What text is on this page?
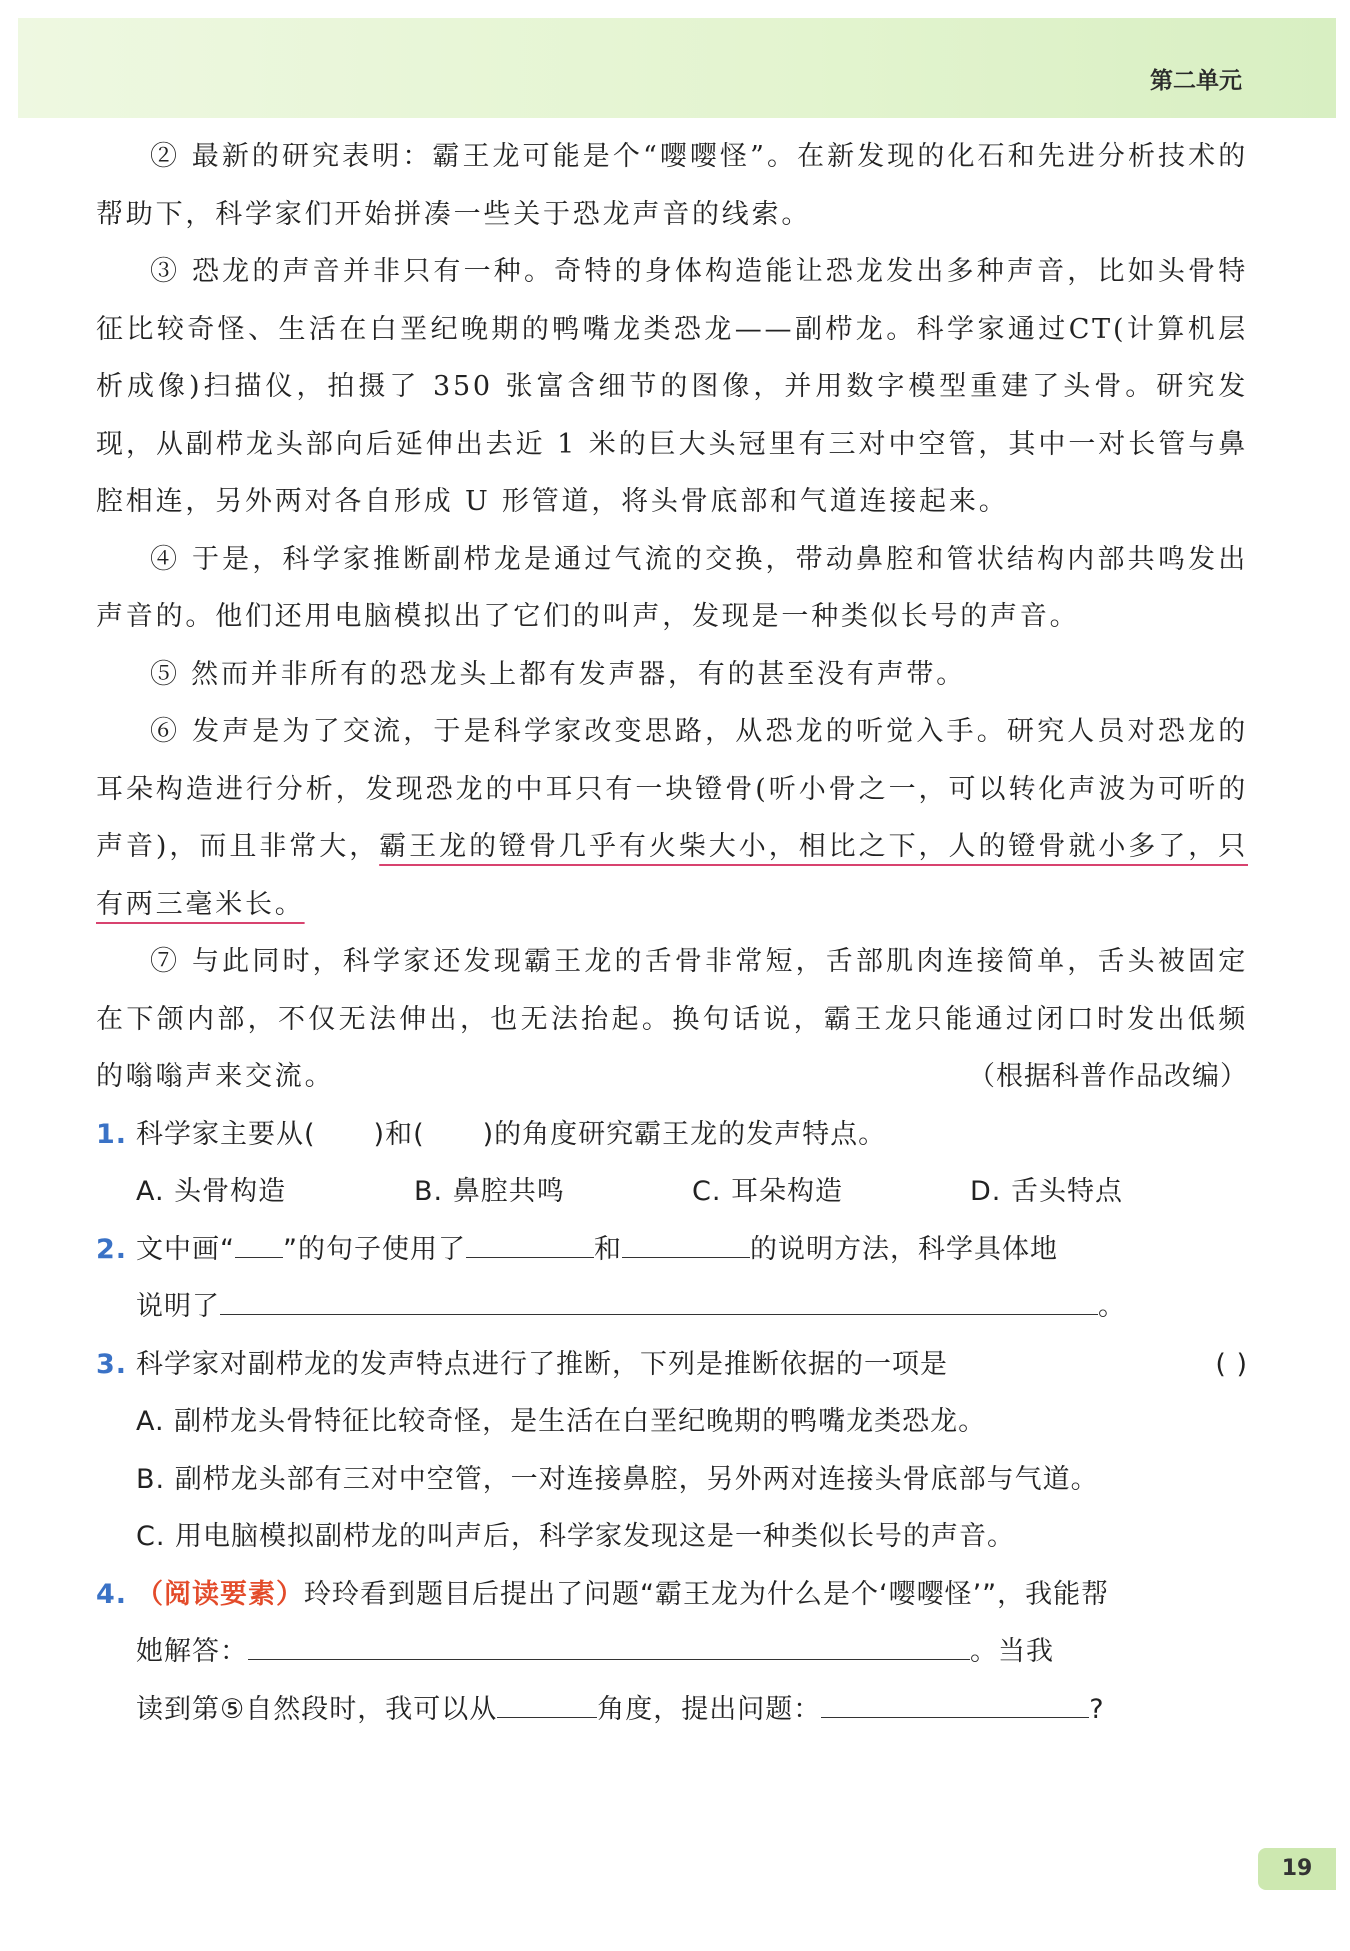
第二单元

② 最新的研究表明：霸王龙可能是个“嘤嘤怪”。在新发现的化石和先进分析技术的帮助下，科学家们开始拼凑一些关于恐龙声音的线索。

③ 恐龙的声音并非只有一种。奇特的身体构造能让恐龙发出多种声音，比如头骨特征比较奇怪、生活在白垩纪晚期的鸭嘴龙类恐龙——副栉龙。科学家通过CT(计算机层析成像)扫描仪，拍摄了 350 张富含细节的图像，并用数字模型重建了头骨。研究发现，从副栉龙头部向后延伸出去近 1 米的巨大头冠里有三对中空管，其中一对长管与鼻腔相连，另外两对各自形成 U 形管道，将头骨底部和气道连接起来。

④ 于是，科学家推断副栉龙是通过气流的交换，带动鼻腔和管状结构内部共鸣发出声音的。他们还用电脑模拟出了它们的叫声，发现是一种类似长号的声音。

⑤ 然而并非所有的恐龙头上都有发声器，有的甚至没有声带。

⑥ 发声是为了交流，于是科学家改变思路，从恐龙的听觉入手。研究人员对恐龙的耳朵构造进行分析，发现恐龙的中耳只有一块镫骨(听小骨之一，可以转化声波为可听的声音)，而且非常大，霸王龙的镫骨几乎有火柴大小，相比之下，人的镫骨就小多了，只有两三毫米长。

⑦ 与此同时，科学家还发现霸王龙的舌骨非常短，舌部肌肉连接简单，舌头被固定在下颌内部，不仅无法伸出，也无法抬起。换句话说，霸王龙只能通过闭口时发出低频的嗡嗡声来交流。	（根据科普作品改编）

1. 科学家主要从( )和( )的角度研究霸王龙的发声特点。

A. 头骨构造	B. 鼻腔共鸣	C. 耳朵构造	D. 舌头特点

2. 文中画“ ”的句子使用了	和	的说明方法，科学具体地

说明了	。

3. 科学家对副栉龙的发声特点进行了推断，下列是推断依据的一项是	( )

A. 副栉龙头骨特征比较奇怪，是生活在白垩纪晚期的鸭嘴龙类恐龙。

B. 副栉龙头部有三对中空管，一对连接鼻腔，另外两对连接头骨底部与气道。

C. 用电脑模拟副栉龙的叫声后，科学家发现这是一种类似长号的声音。

4. （阅读要素）玲玲看到题目后提出了问题“霸王龙为什么是个‘嘤嘤怪’”，我能帮

她解答：	。当我

读到第⑤自然段时，我可以从	角度，提出问题：	?

19
